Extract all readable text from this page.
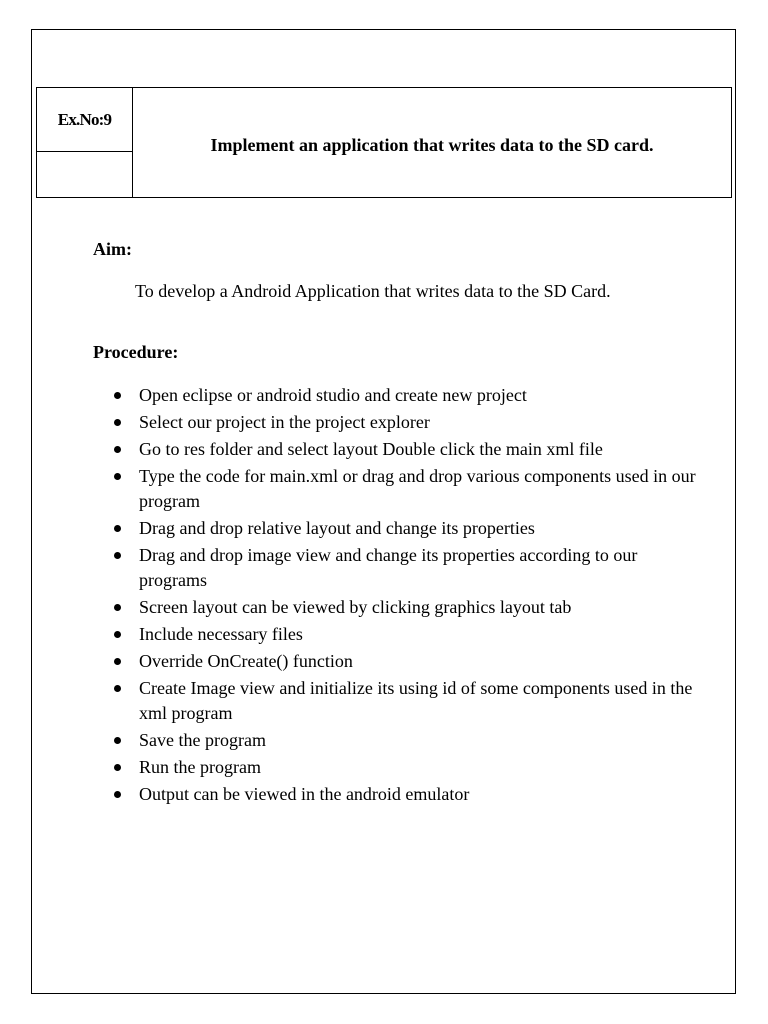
Ex.No:9
Implement an application that writes data to the SD card.
Aim:

To develop a Android Application that writes data to the SD Card.

Procedure:
Open eclipse or android studio and create new project
Select our project in the project explorer
Go to res folder and select layout Double click the main xml file
Type the code for main.xml or drag and drop various components used in our program
Drag and drop relative layout and change its properties
Drag and drop image view and change its properties according to our programs
Screen layout can be viewed by clicking graphics layout tab
Include necessary files
Override OnCreate() function
Create Image view and initialize its using id of some components used in the xml program
Save the program
Run the program
Output can be viewed in the android emulator
